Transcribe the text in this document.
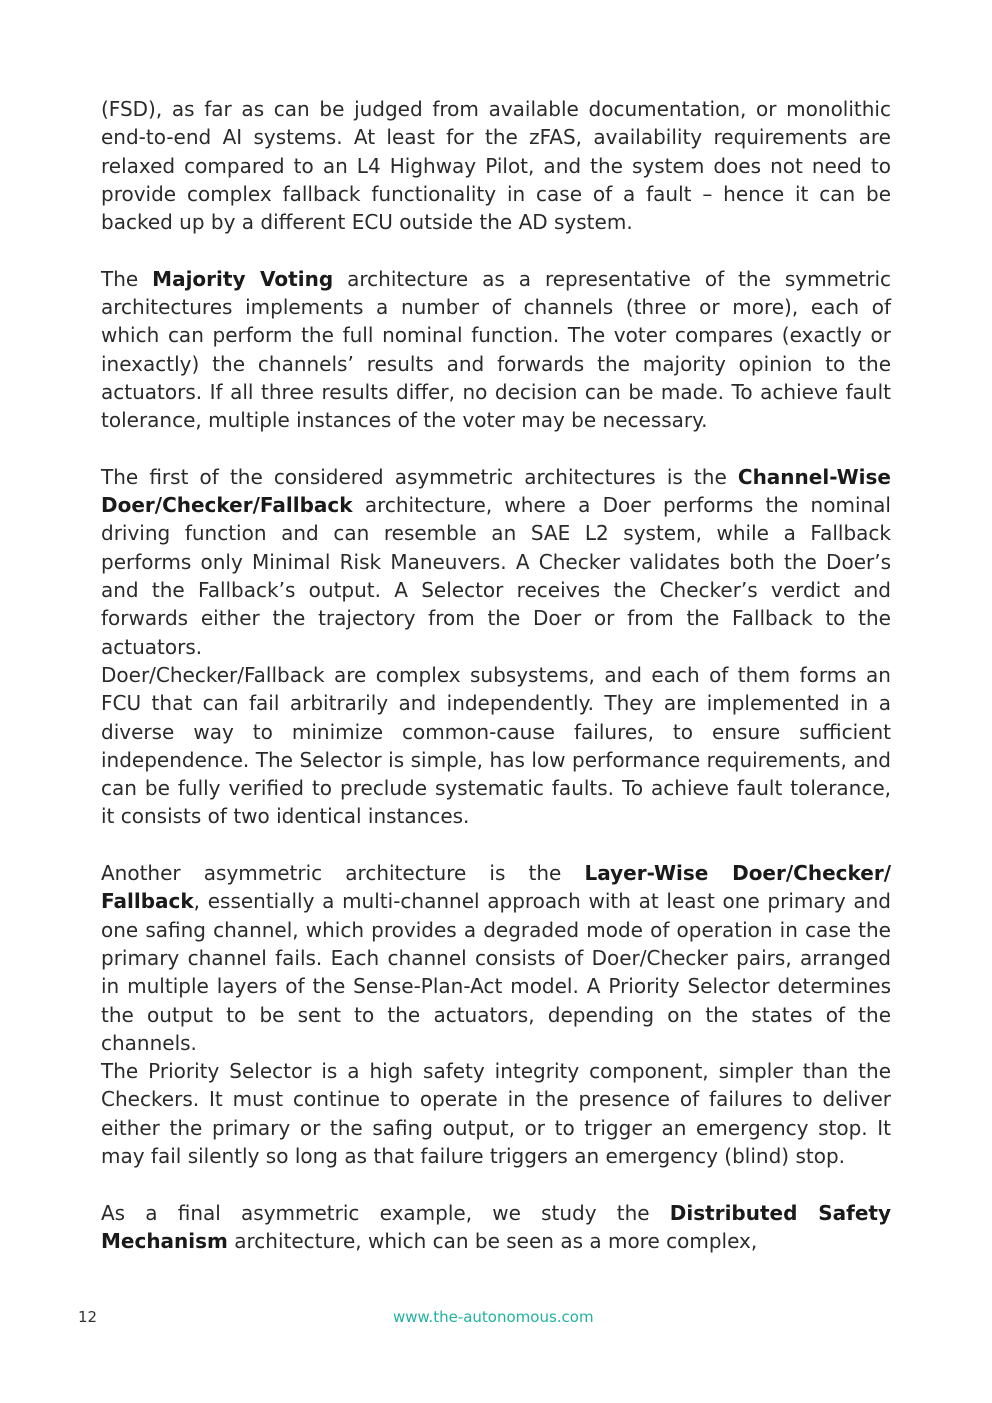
(FSD), as far as can be judged from available documentation, or monolithic end-to-end AI systems. At least for the zFAS, availability requirements are relaxed compared to an L4 Highway Pilot, and the system does not need to provide complex fallback functionality in case of a fault – hence it can be backed up by a different ECU outside the AD system.

The Majority Voting architecture as a representative of the symmetric architectures implements a number of channels (three or more), each of which can perform the full nominal function. The voter compares (exactly or inexactly) the channels’ results and forwards the majority opinion to the actuators. If all three results differ, no decision can be made. To achieve fault tolerance, multiple instances of the voter may be necessary.

The first of the considered asymmetric architectures is the Channel-Wise Doer/Checker/Fallback architecture, where a Doer performs the nominal driving function and can resemble an SAE L2 system, while a Fallback performs only Minimal Risk Maneuvers. A Checker validates both the Doer’s and the Fallback’s output. A Selector receives the Checker’s verdict and forwards either the trajectory from the Doer or from the Fallback to the actuators.

Doer/Checker/Fallback are complex subsystems, and each of them forms an FCU that can fail arbitrarily and independently. They are implemented in a diverse way to minimize common-cause failures, to ensure sufficient independence. The Selector is simple, has low performance requirements, and can be fully verified to preclude systematic faults. To achieve fault tolerance, it consists of two identical instances.

Another asymmetric architecture is the Layer-Wise Doer/Checker/ Fallback, essentially a multi-channel approach with at least one primary and one safing channel, which provides a degraded mode of operation in case the primary channel fails. Each channel consists of Doer/Checker pairs, arranged in multiple layers of the Sense-Plan-Act model. A Priority Selector determines the output to be sent to the actuators, depending on the states of the channels.

The Priority Selector is a high safety integrity component, simpler than the Checkers. It must continue to operate in the presence of failures to deliver either the primary or the safing output, or to trigger an emergency stop. It may fail silently so long as that failure triggers an emergency (blind) stop.

As a final asymmetric example, we study the Distributed Safety Mechanism architecture, which can be seen as a more complex,

12	www.the-autonomous.com
